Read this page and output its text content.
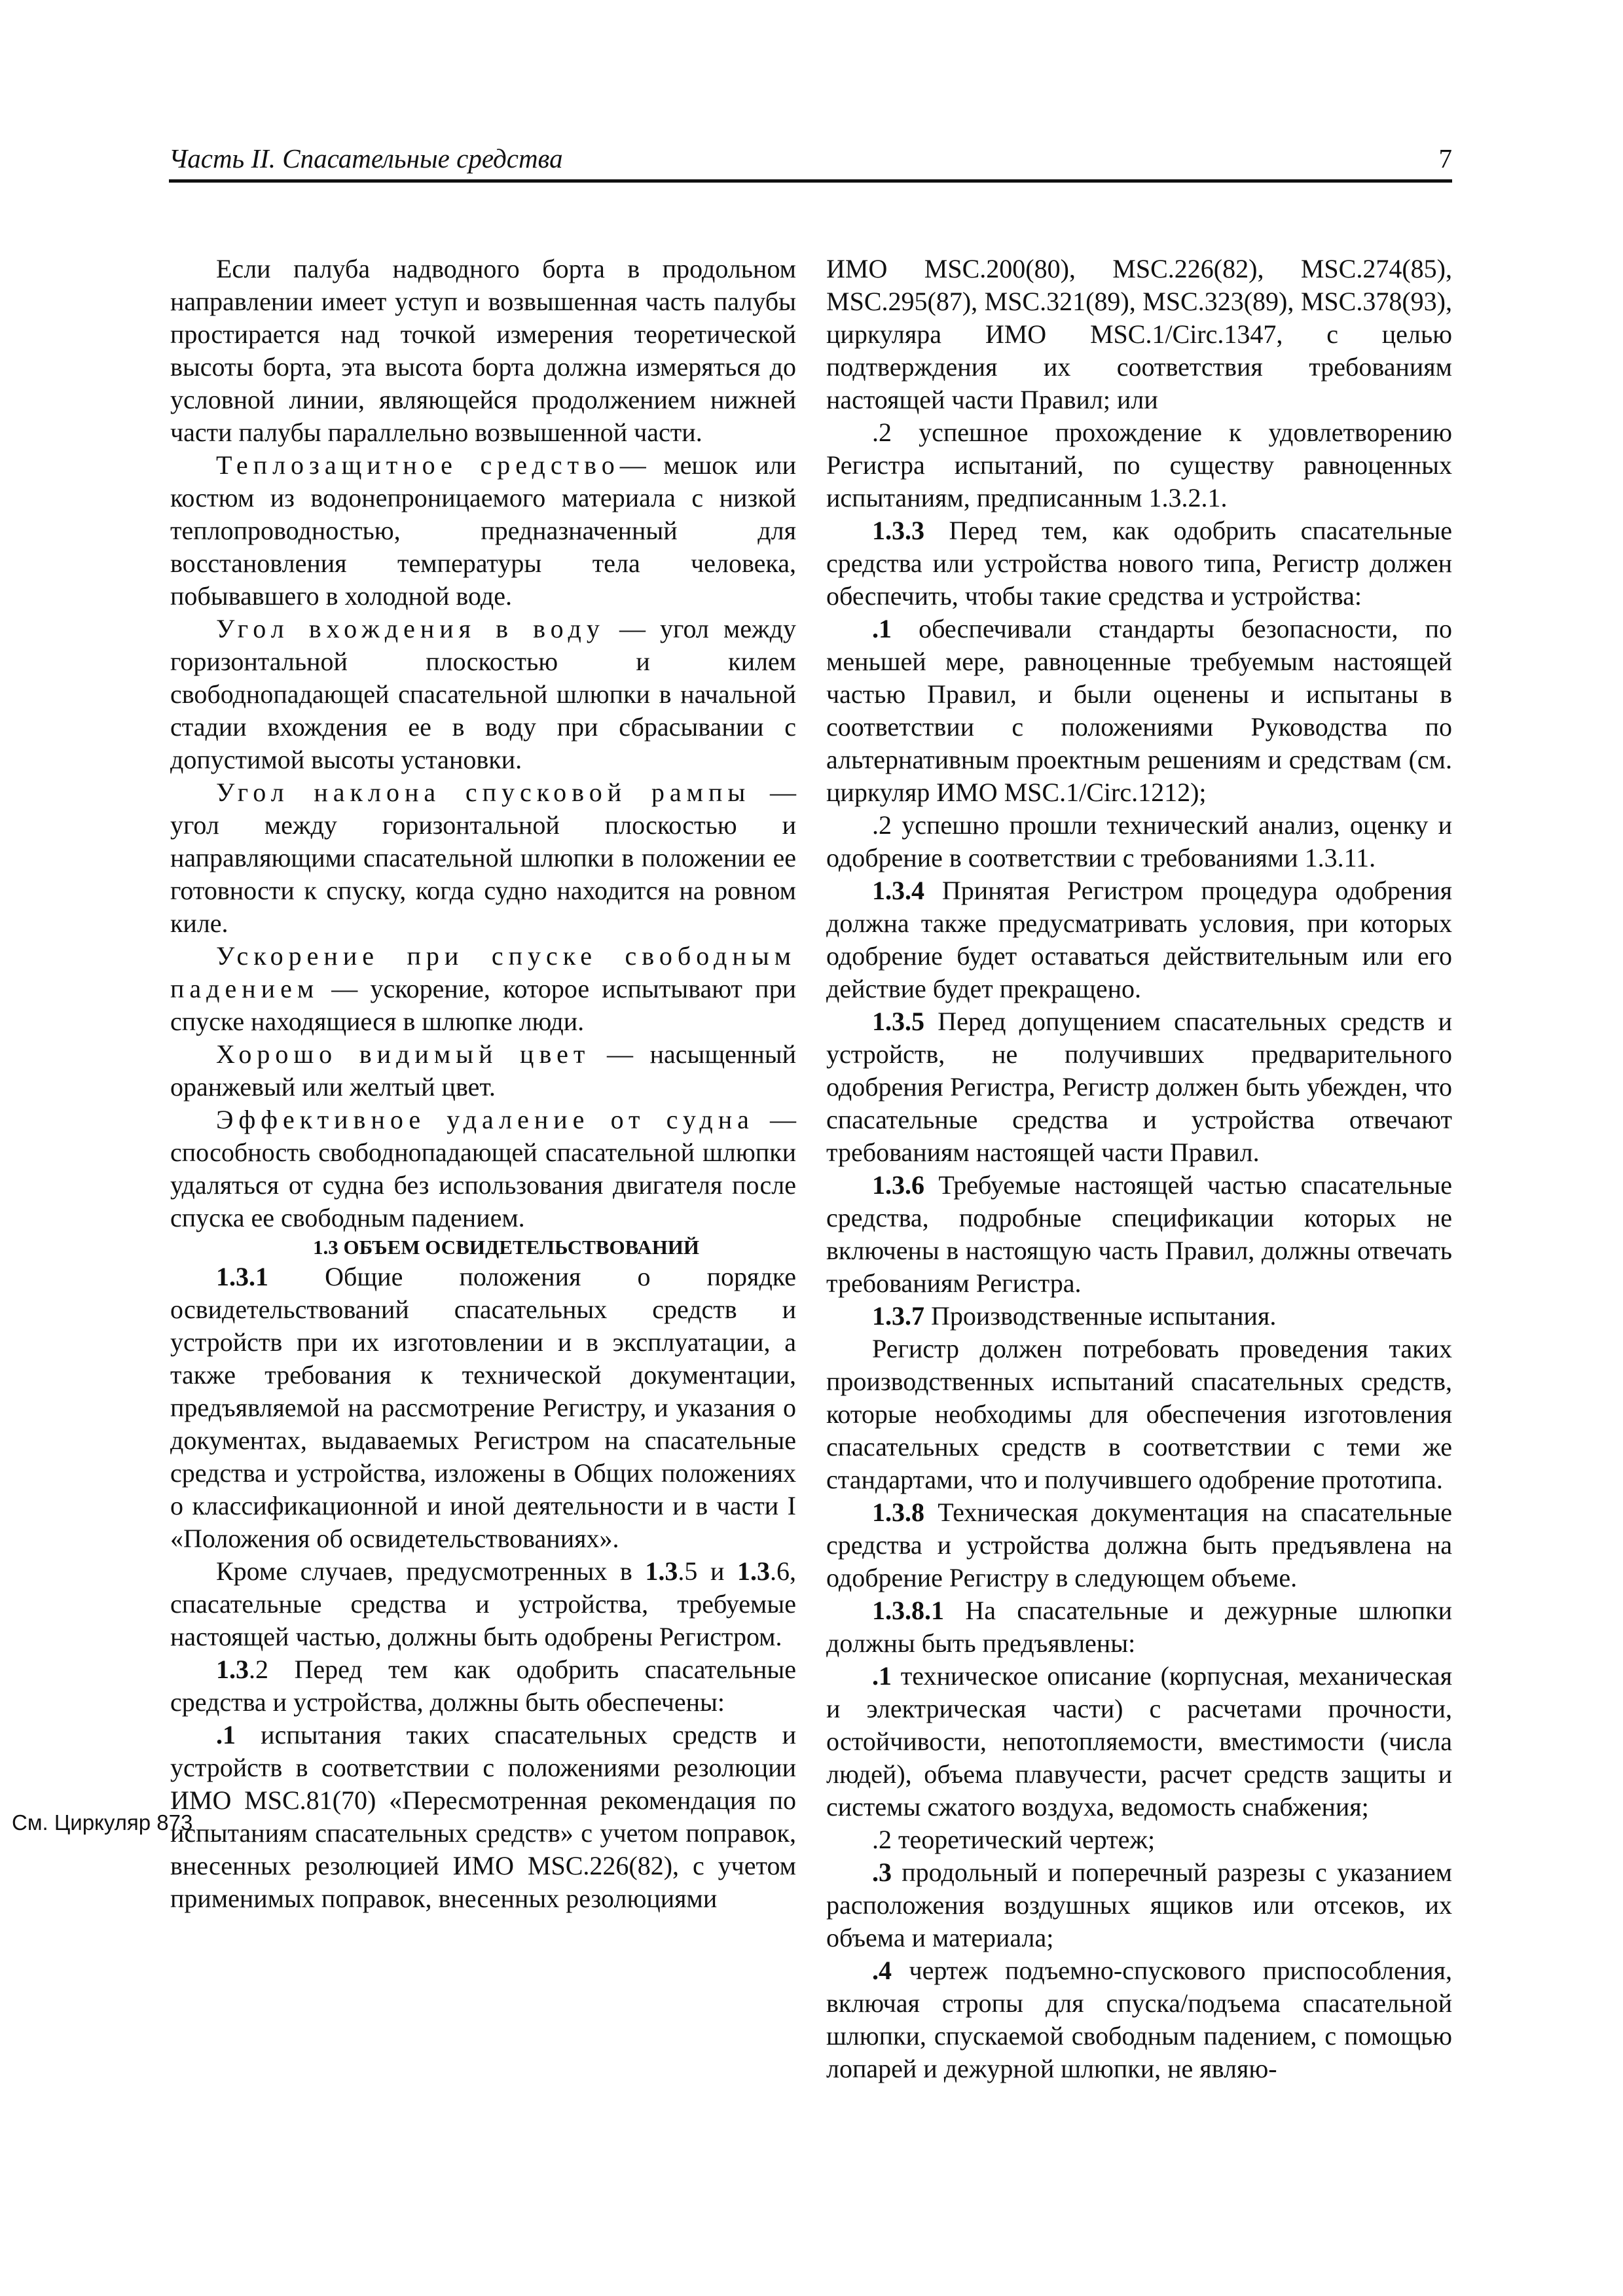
Часть II. Спасательные средства	7
См. Циркуляр 873

Если палуба надводного борта в продольном направлении имеет уступ и возвышенная часть палубы простирается над точкой измерения теоретической высоты борта, эта высота борта должна измеряться до условной линии, являющейся продолжением нижней части палубы параллельно возвышенной части.

Теплозащитное средство— мешок или костюм из водонепроницаемого материала с низкой теплопроводностью, предназначенный для восстановления температуры тела человека, побывавшего в холодной воде.

Угол вхождения в воду — угол между горизонтальной плоскостью и килем свободнопадающей спасательной шлюпки в начальной стадии вхождения ее в воду при сбрасывании с допустимой высоты установки.

Угол наклона спусковой рампы — угол между горизонтальной плоскостью и направляющими спасательной шлюпки в положении ее готовности к спуску, когда судно находится на ровном киле.

Ускорение при спуске свободным падением — ускорение, которое испытывают при спуске находящиеся в шлюпке люди.

Хорошо видимый цвет — насыщенный оранжевый или желтый цвет.

Эффективное удаление от судна — способность свободнопадающей спасательной шлюпки удаляться от судна без использования двигателя после спуска ее свободным падением.

1.3 ОБЪЕМ ОСВИДЕТЕЛЬСТВОВАНИЙ

1.3.1 Общие положения о порядке освидетельствований спасательных средств и устройств при их изготовлении и в эксплуатации, а также требования к технической документации, предъявляемой на рассмотрение Регистру, и указания о документах, выдаваемых Регистром на спасательные средства и устройства, изложены в Общих положениях о классификационной и иной деятельности и в части I «Положения об освидетельствованиях».

Кроме случаев, предусмотренных в 1.3.5 и 1.3.6, спасательные средства и устройства, требуемые настоящей частью, должны быть одобрены Регистром.

1.3.2 Перед тем как одобрить спасательные средства и устройства, должны быть обеспечены:

.1 испытания таких спасательных средств и устройств в соответствии с положениями резолюции ИМО MSC.81(70) «Пересмотренная рекомендация по испытаниям спасательных средств» с учетом поправок, внесенных резолюцией ИМО MSC.226(82), с учетом применимых поправок, внесенных резолюциями

ИМО MSC.200(80), MSC.226(82), MSC.274(85), MSC.295(87), MSC.321(89), MSC.323(89), MSC.378(93), циркуляра ИМО MSC.1/Circ.1347, с целью подтверждения их соответствия требованиям настоящей части Правил; или

.2 успешное прохождение к удовлетворению Регистра испытаний, по существу равноценных испытаниям, предписанным 1.3.2.1.

1.3.3 Перед тем, как одобрить спасательные средства или устройства нового типа, Регистр должен обеспечить, чтобы такие средства и устройства:

.1 обеспечивали стандарты безопасности, по меньшей мере, равноценные требуемым настоящей частью Правил, и были оценены и испытаны в соответствии с положениями Руководства по альтернативным проектным решениям и средствам (см. циркуляр ИМО MSC.1/Circ.1212);

.2 успешно прошли технический анализ, оценку и одобрение в соответствии с требованиями 1.3.11.

1.3.4 Принятая Регистром процедура одобрения должна также предусматривать условия, при которых одобрение будет оставаться действительным или его действие будет прекращено.

1.3.5 Перед допущением спасательных средств и устройств, не получивших предварительного одобрения Регистра, Регистр должен быть убежден, что спасательные средства и устройства отвечают требованиям настоящей части Правил.

1.3.6 Требуемые настоящей частью спасательные средства, подробные спецификации которых не включены в настоящую часть Правил, должны отвечать требованиям Регистра.

1.3.7 Производственные испытания.

Регистр должен потребовать проведения таких производственных испытаний спасательных средств, которые необходимы для обеспечения изготовления спасательных средств в соответствии с теми же стандартами, что и получившего одобрение прототипа.

1.3.8 Техническая документация на спасательные средства и устройства должна быть предъявлена на одобрение Регистру в следующем объеме.

1.3.8.1 На спасательные и дежурные шлюпки должны быть предъявлены:

.1 техническое описание (корпусная, механическая и электрическая части) с расчетами прочности, остойчивости, непотопляемости, вместимости (числа людей), объема плавучести, расчет средств защиты и системы сжатого воздуха, ведомость снабжения;

.2 теоретический чертеж;

.3 продольный и поперечный разрезы с указанием расположения воздушных ящиков или отсеков, их объема и материала;

.4 чертеж подъемно-спускового приспособления, включая стропы для спуска/подъема спасательной шлюпки, спускаемой свободным падением, с помощью лопарей и дежурной шлюпки, не являю-
